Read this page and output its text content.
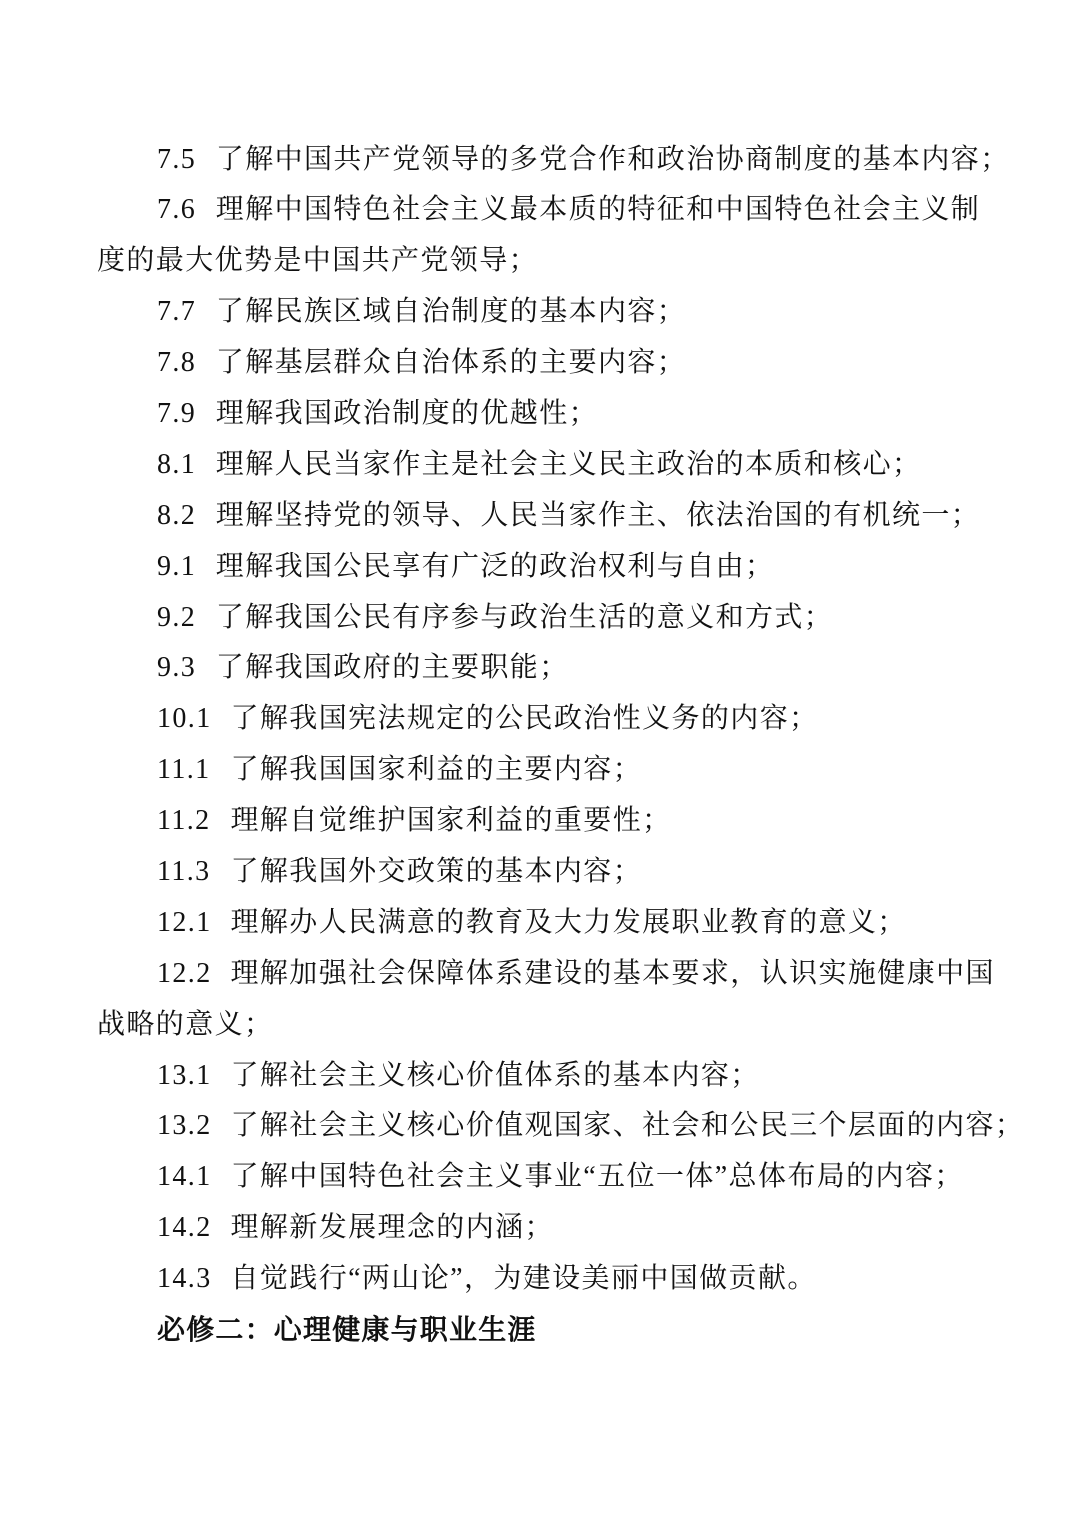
7.5 了解中国共产党领导的多党合作和政治协商制度的基本内容；
7.6 理解中国特色社会主义最本质的特征和中国特色社会主义制
度的最大优势是中国共产党领导；
7.7 了解民族区域自治制度的基本内容；
7.8 了解基层群众自治体系的主要内容；
7.9 理解我国政治制度的优越性；
8.1 理解人民当家作主是社会主义民主政治的本质和核心；
8.2 理解坚持党的领导、人民当家作主、依法治国的有机统一；
9.1 理解我国公民享有广泛的政治权利与自由；
9.2 了解我国公民有序参与政治生活的意义和方式；
9.3 了解我国政府的主要职能；
10.1 了解我国宪法规定的公民政治性义务的内容；
11.1 了解我国国家利益的主要内容；
11.2 理解自觉维护国家利益的重要性；
11.3 了解我国外交政策的基本内容；
12.1 理解办人民满意的教育及大力发展职业教育的意义；
12.2 理解加强社会保障体系建设的基本要求，认识实施健康中国
战略的意义；
13.1 了解社会主义核心价值体系的基本内容；
13.2 了解社会主义核心价值观国家、社会和公民三个层面的内容；
14.1 了解中国特色社会主义事业“五位一体”总体布局的内容；
14.2 理解新发展理念的内涵；
14.3 自觉践行“两山论”，为建设美丽中国做贡献。
必修二：心理健康与职业生涯
